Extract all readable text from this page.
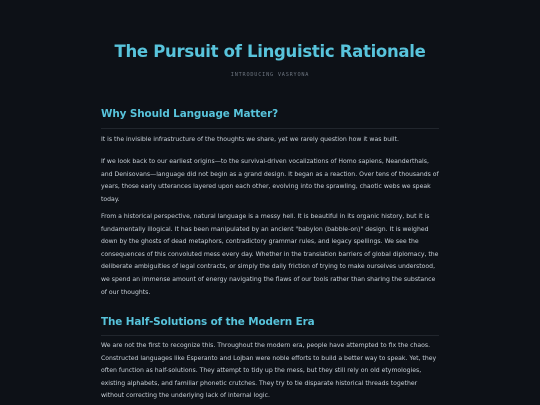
The Pursuit of Linguistic Rationale
INTRODUCING VASRYONA
Why Should Language Matter?

It is the invisible infrastructure of the thoughts we share, yet we rarely question how it was built.

If we look back to our earliest origins—to the survival-driven vocalizations of Homo sapiens, Neanderthals, and Denisovans—language did not begin as a grand design. It began as a reaction. Over tens of thousands of years, those early utterances layered upon each other, evolving into the sprawling, chaotic webs we speak today.

From a historical perspective, natural language is a messy hell. It is beautiful in its organic history, but it is fundamentally illogical. It has been manipulated by an ancient "babylon (babble-on)" design. It is weighed down by the ghosts of dead metaphors, contradictory grammar rules, and legacy spellings. We see the consequences of this convoluted mess every day. Whether in the translation barriers of global diplomacy, the deliberate ambiguities of legal contracts, or simply the daily friction of trying to make ourselves understood, we spend an immense amount of energy navigating the flaws of our tools rather than sharing the substance of our thoughts.

The Half-Solutions of the Modern Era

We are not the first to recognize this. Throughout the modern era, people have attempted to fix the chaos. Constructed languages like Esperanto and Lojban were noble efforts to build a better way to speak. Yet, they often function as half-solutions. They attempt to tidy up the mess, but they still rely on old etymologies, existing alphabets, and familiar phonetic crutches. They try to tie disparate historical threads together without correcting the underlying lack of internal logic.
